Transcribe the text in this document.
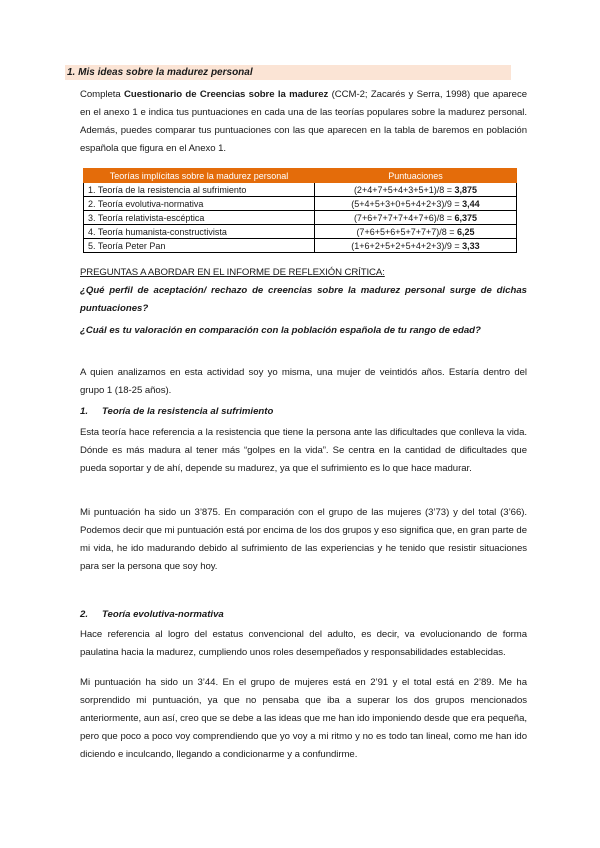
1. Mis ideas sobre la madurez personal

Completa Cuestionario de Creencias sobre la madurez (CCM-2; Zacarés y Serra, 1998) que aparece en el anexo 1 e indica tus puntuaciones en cada una de las teorías populares sobre la madurez personal. Además, puedes comparar tus puntuaciones con las que aparecen en la tabla de baremos en población española que figura en el Anexo 1.

Teorías implícitas sobre la madurez personal	Puntuaciones
1. Teoría de la resistencia al sufrimiento	(2+4+7+5+4+3+5+1)/8 = 3,875
2. Teoría evolutiva-normativa	(5+4+5+3+0+5+4+2+3)/9 = 3,44
3. Teoría relativista-escéptica	(7+6+7+7+7+4+7+6)/8 = 6,375
4. Teoría humanista-constructivista	(7+6+5+6+5+7+7+7)/8 = 6,25
5. Teoría Peter Pan	(1+6+2+5+2+5+4+2+3)/9 = 3,33
PREGUNTAS A ABORDAR EN EL INFORME DE REFLEXIÓN CRÍTICA:

¿Qué perfil de aceptación/ rechazo de creencias sobre la madurez personal surge de dichas puntuaciones?

¿Cuál es tu valoración en comparación con la población española de tu rango de edad?

A quien analizamos en esta actividad soy yo misma, una mujer de veintidós años. Estaría dentro del grupo 1 (18-25 años).

1. Teoría de la resistencia al sufrimiento

Esta teoría hace referencia a la resistencia que tiene la persona ante las dificultades que conlleva la vida. Dónde es más madura al tener más “golpes en la vida”. Se centra en la cantidad de dificultades que pueda soportar y de ahí, depende su madurez, ya que el sufrimiento es lo que hace madurar.

Mi puntuación ha sido un 3’875. En comparación con el grupo de las mujeres (3’73) y del total (3’66). Podemos decir que mi puntuación está por encima de los dos grupos y eso significa que, en gran parte de mi vida, he ido madurando debido al sufrimiento de las experiencias y he tenido que resistir situaciones para ser la persona que soy hoy.

2. Teoría evolutiva-normativa

Hace referencia al logro del estatus convencional del adulto, es decir, va evolucionando de forma paulatina hacia la madurez, cumpliendo unos roles desempeñados y responsabilidades establecidas.

Mi puntuación ha sido un 3’44. En el grupo de mujeres está en 2’91 y el total está en 2’89. Me ha sorprendido mi puntuación, ya que no pensaba que iba a superar los dos grupos mencionados anteriormente, aun así, creo que se debe a las ideas que me han ido imponiendo desde que era pequeña, pero que poco a poco voy comprendiendo que yo voy a mi ritmo y no es todo tan lineal, como me han ido diciendo e inculcando, llegando a condicionarme y a confundirme.
